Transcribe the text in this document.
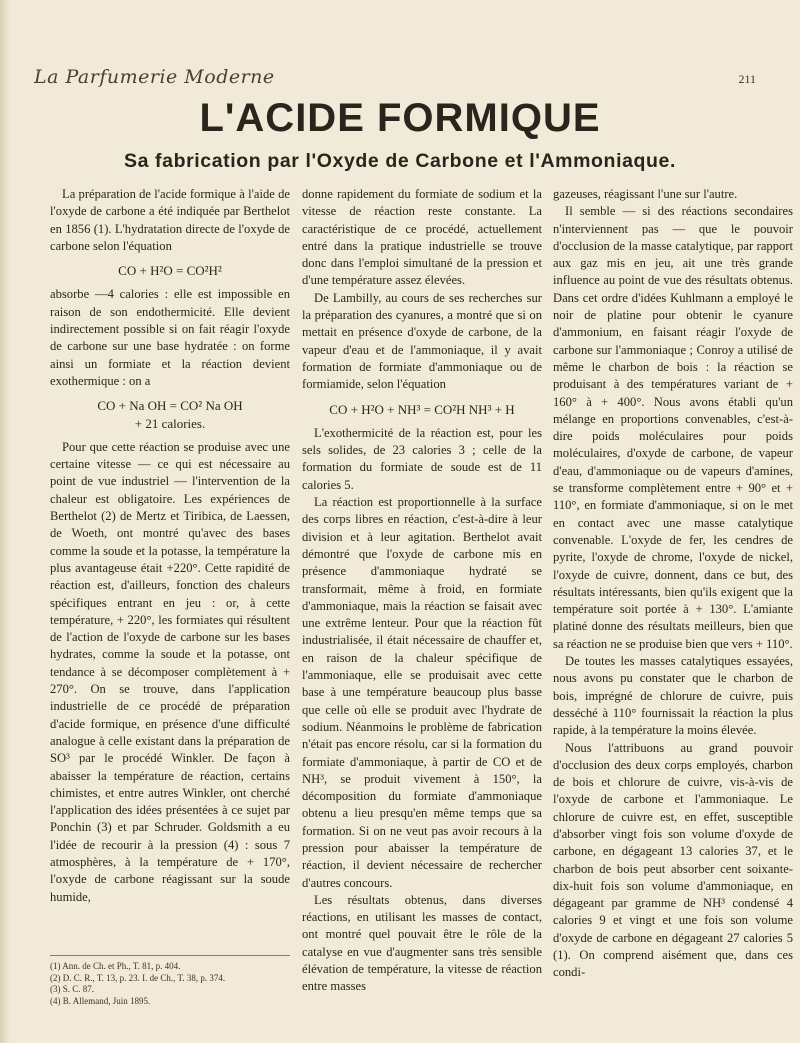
La Parfumerie Moderne	211
L'ACIDE FORMIQUE
Sa fabrication par l'Oxyde de Carbone et l'Ammoniaque.

La préparation de l'acide formique à l'aide de l'oxyde de carbone a été indiquée par Berthelot en 1856 (1). L'hydratation directe de l'oxyde de carbone selon l'équation

CO + H²O = CO²H²

absorbe —4 calories : elle est impossible en raison de son endothermicité. Elle devient indirectement possible si on fait réagir l'oxyde de carbone sur une base hydratée : on forme ainsi un formiate et la réaction devient exothermique : on a

CO + Na OH = CO² Na OH
+ 21 calories.

Pour que cette réaction se produise avec une certaine vitesse — ce qui est nécessaire au point de vue industriel — l'intervention de la chaleur est obligatoire. Les expériences de Berthelot (2) de Mertz et Tiribica, de Laessen, de Woeth, ont montré qu'avec des bases comme la soude et la potasse, la température la plus avantageuse était +220°. Cette rapidité de réaction est, d'ailleurs, fonction des chaleurs spécifiques entrant en jeu : or, à cette température, + 220°, les formiates qui résultent de l'action de l'oxyde de carbone sur les bases hydrates, comme la soude et la potasse, ont tendance à se décomposer complètement à + 270°. On se trouve, dans l'application industrielle de ce procédé de préparation d'acide formique, en présence d'une difficulté analogue à celle existant dans la préparation de SO³ par le procédé Winkler. De façon à abaisser la température de réaction, certains chimistes, et entre autres Winkler, ont cherché l'application des idées présentées à ce sujet par Ponchin (3) et par Schruder. Goldsmith a eu l'idée de recourir à la pression (4) : sous 7 atmosphères, à la température de + 170°, l'oxyde de carbone réagissant sur la soude humide,

donne rapidement du formiate de sodium et la vitesse de réaction reste constante. La caractéristique de ce procédé, actuellement entré dans la pratique industrielle se trouve donc dans l'emploi simultané de la pression et d'une température assez élevées.

De Lambilly, au cours de ses recherches sur la préparation des cyanures, a montré que si on mettait en présence d'oxyde de carbone, de la vapeur d'eau et de l'ammoniaque, il y avait formation de formiate d'ammoniaque ou de formiamide, selon l'équation

CO + H²O + NH³ = CO²H NH³ + H

L'exothermicité de la réaction est, pour les sels solides, de 23 calories 3 ; celle de la formation du formiate de soude est de 11 calories 5.

La réaction est proportionnelle à la surface des corps libres en réaction, c'est-à-dire à leur division et à leur agitation. Berthelot avait démontré que l'oxyde de carbone mis en présence d'ammoniaque hydraté se transformait, même à froid, en formiate d'ammoniaque, mais la réaction se faisait avec une extrême lenteur. Pour que la réaction fût industrialisée, il était nécessaire de chauffer et, en raison de la chaleur spécifique de l'ammoniaque, elle se produisait avec cette base à une température beaucoup plus basse que celle où elle se produit avec l'hydrate de sodium. Néanmoins le problème de fabrication n'était pas encore résolu, car si la formation du formiate d'ammoniaque, à partir de CO et de NH³, se produit vivement à 150°, la décomposition du formiate d'ammoniaque obtenu a lieu presqu'en même temps que sa formation. Si on ne veut pas avoir recours à la pression pour abaisser la température de réaction, il devient nécessaire de rechercher d'autres concours.

Les résultats obtenus, dans diverses réactions, en utilisant les masses de contact, ont montré quel pouvait être le rôle de la catalyse en vue d'augmenter sans très sensible élévation de température, la vitesse de réaction entre masses

gazeuses, réagissant l'une sur l'autre.

Il semble — si des réactions secondaires n'interviennent pas — que le pouvoir d'occlusion de la masse catalytique, par rapport aux gaz mis en jeu, ait une très grande influence au point de vue des résultats obtenus. Dans cet ordre d'idées Kuhlmann a employé le noir de platine pour obtenir le cyanure d'ammonium, en faisant réagir l'oxyde de carbone sur l'ammoniaque ; Conroy a utilisé de même le charbon de bois : la réaction se produisant à des températures variant de + 160° à + 400°. Nous avons établi qu'un mélange en proportions convenables, c'est-à-dire poids moléculaires pour poids moléculaires, d'oxyde de carbone, de vapeur d'eau, d'ammoniaque ou de vapeurs d'amines, se transforme complètement entre + 90° et + 110°, en formiate d'ammoniaque, si on le met en contact avec une masse catalytique convenable. L'oxyde de fer, les cendres de pyrite, l'oxyde de chrome, l'oxyde de nickel, l'oxyde de cuivre, donnent, dans ce but, des résultats intéressants, bien qu'ils exigent que la température soit portée à + 130°. L'amiante platiné donne des résultats meilleurs, bien que sa réaction ne se produise bien que vers + 110°.

De toutes les masses catalytiques essayées, nous avons pu constater que le charbon de bois, imprégné de chlorure de cuivre, puis desséché à 110° fournissait la réaction la plus rapide, à la température la moins élevée.

Nous l'attribuons au grand pouvoir d'occlusion des deux corps employés, charbon de bois et chlorure de cuivre, vis-à-vis de l'oxyde de carbone et l'ammoniaque. Le chlorure de cuivre est, en effet, susceptible d'absorber vingt fois son volume d'oxyde de carbone, en dégageant 13 calories 37, et le charbon de bois peut absorber cent soixante-dix-huit fois son volume d'ammoniaque, en dégageant par gramme de NH³ condensé 4 calories 9 et vingt et une fois son volume d'oxyde de carbone en dégageant 27 calories 5 (1). On comprend aisément que, dans ces condi-

(1) Ann. de Ch. et Ph., T. 81, p. 404.
(2) D. C. R., T. 13, p. 23. I. de Ch., T. 38, p. 374.
(3) S. C. 87.
(4) B. Allemand, Juin 1895.
